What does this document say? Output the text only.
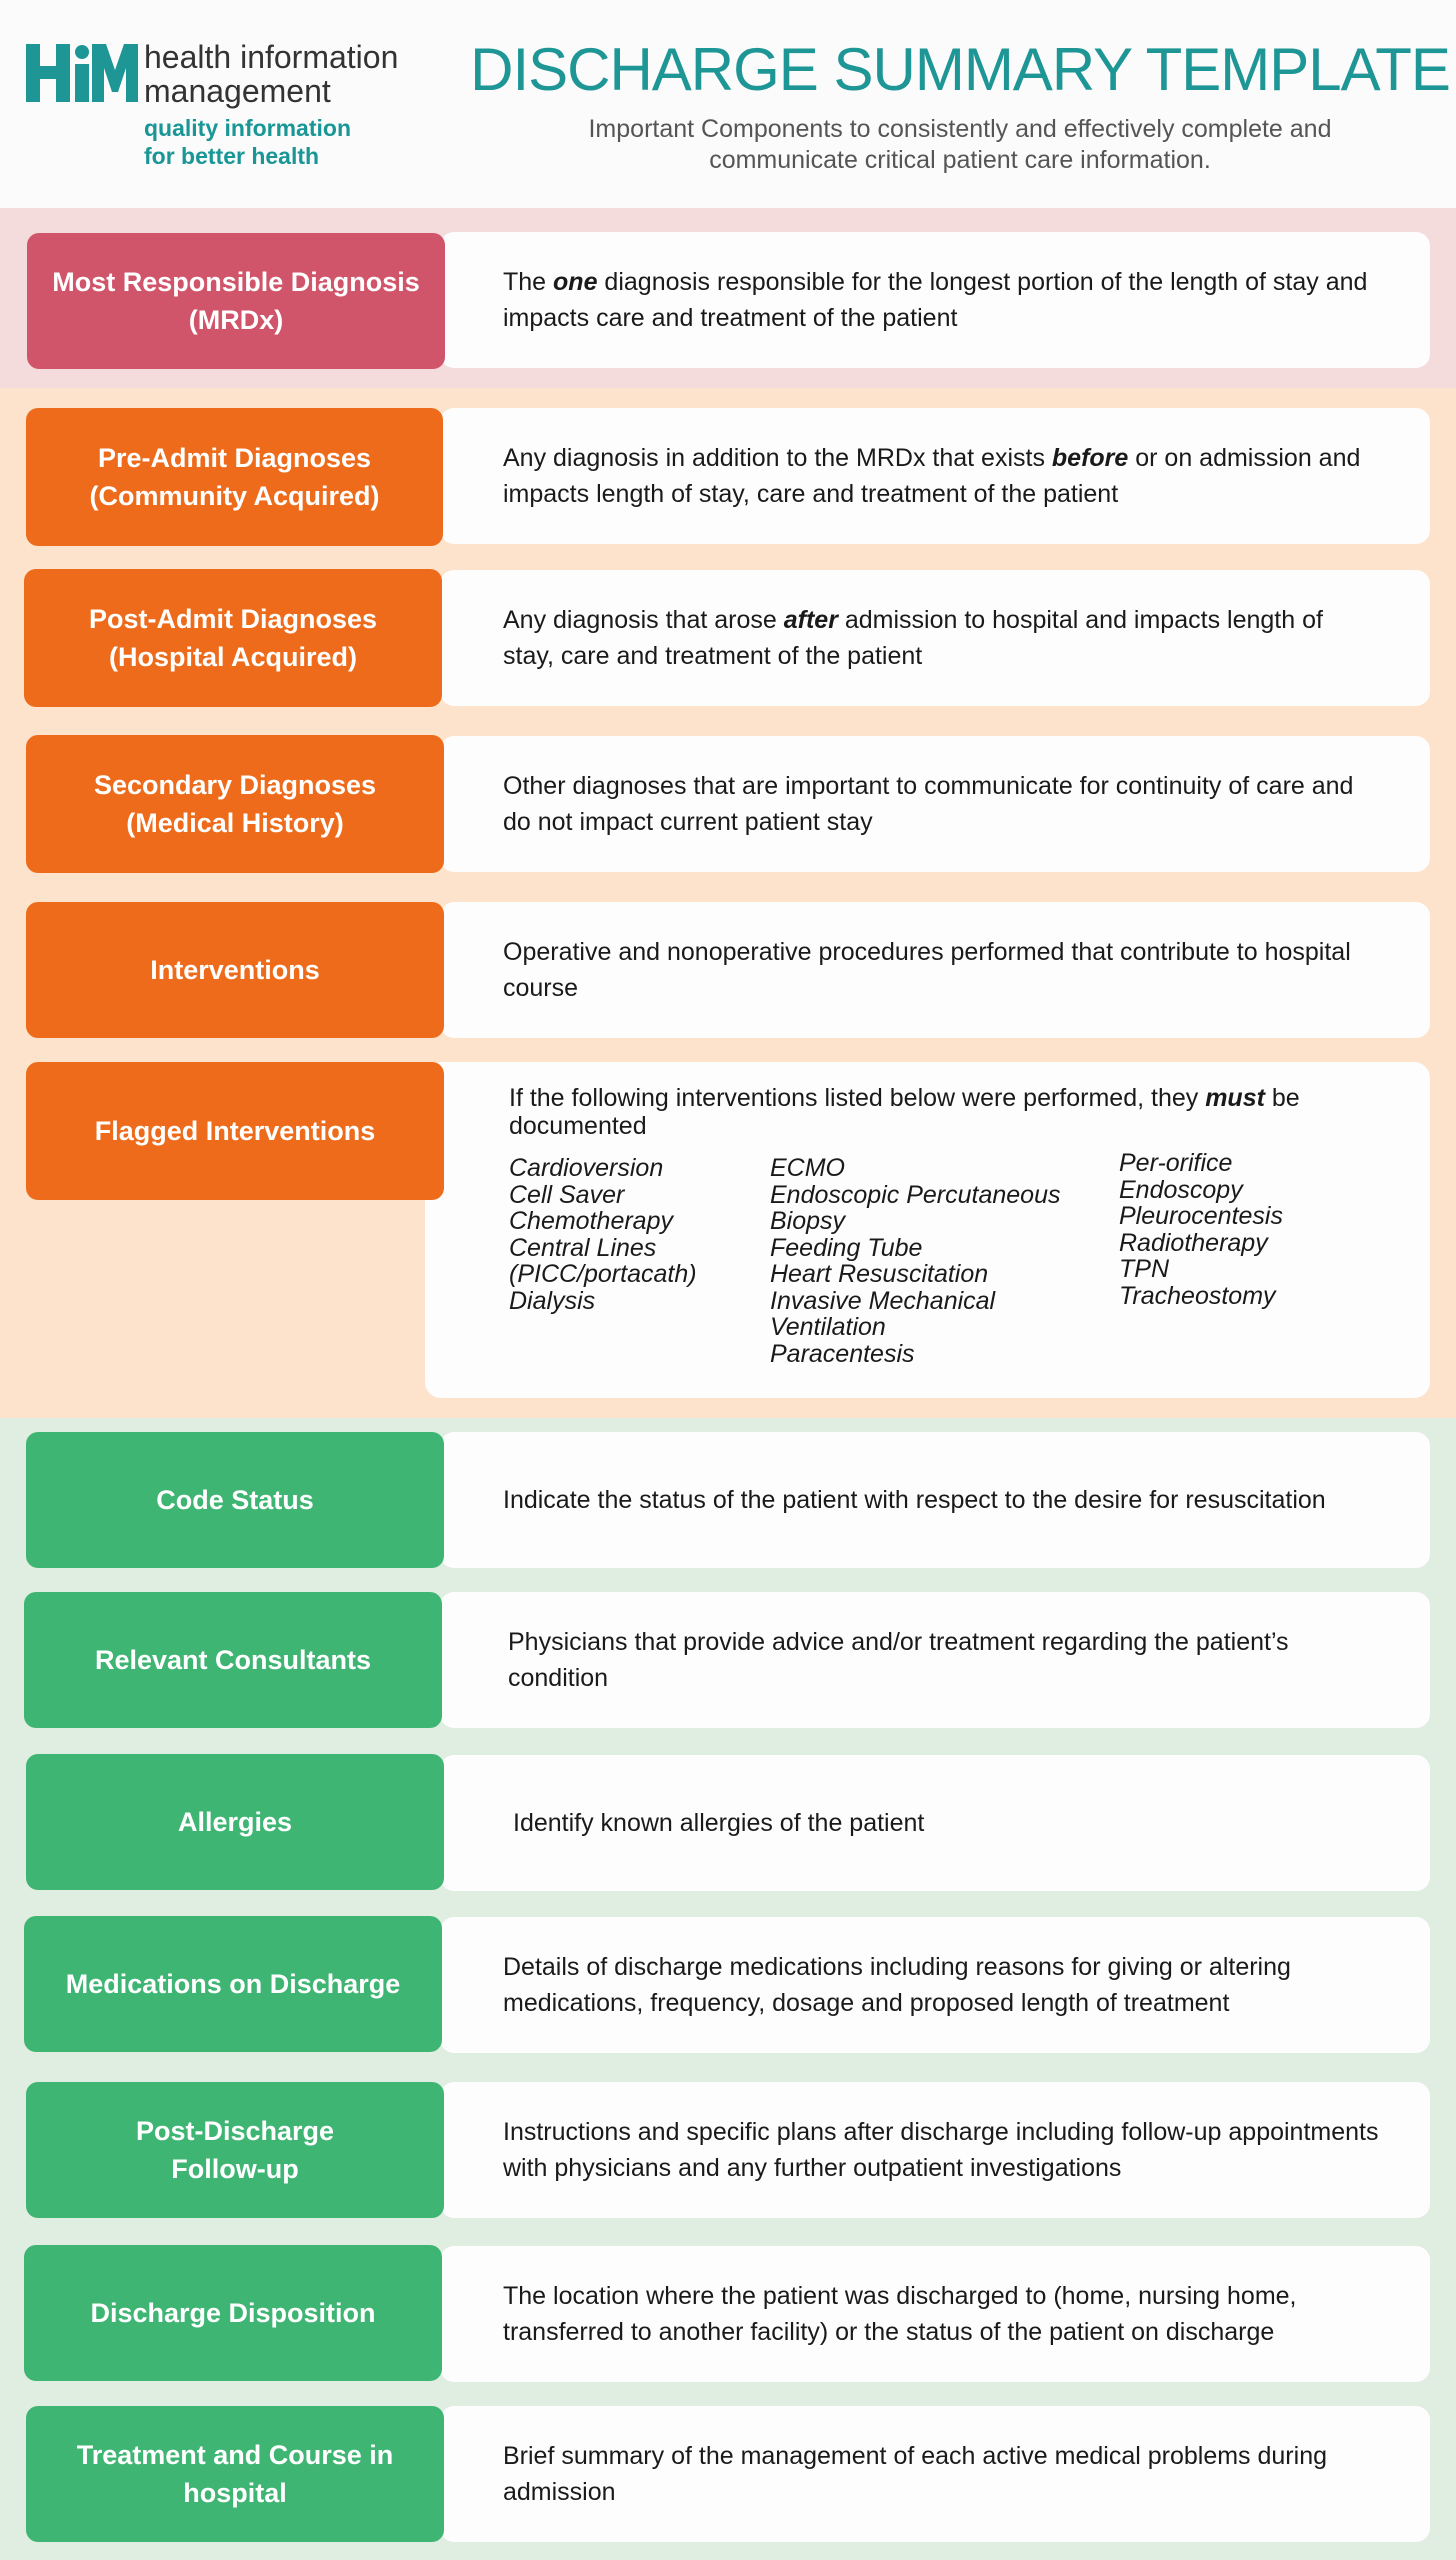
health information
management
quality information
for better health
DISCHARGE SUMMARY TEMPLATE
Important Components to consistently and effectively complete and communicate critical patient care information.
The one diagnosis responsible for the longest portion of the length of stay and impacts care and treatment of the patient
Most Responsible Diagnosis
(MRDx)
Any diagnosis in addition to the MRDx that exists before or on admission and impacts length of stay, care and treatment of the patient
Pre-Admit Diagnoses
(Community Acquired)
Any diagnosis that arose after admission to hospital and impacts length of stay, care and treatment of the patient
Post-Admit Diagnoses
(Hospital Acquired)
Other diagnoses that are important to communicate for continuity of care and do not impact current patient stay
Secondary Diagnoses
(Medical History)
Operative and nonoperative procedures performed that contribute to hospital course
Interventions
If the following interventions listed below were performed, they must be documented
Cardioversion
Cell Saver
Chemotherapy
Central Lines
(PICC/portacath)
Dialysis
ECMO
Endoscopic Percutaneous
Biopsy
Feeding Tube
Heart Resuscitation
Invasive Mechanical
Ventilation
Paracentesis
Per-orifice
Endoscopy
Pleurocentesis
Radiotherapy
TPN
Tracheostomy
Flagged Interventions
Indicate the status of the patient with respect to the desire for resuscitation
Code Status
Physicians that provide advice and/or treatment regarding the patient’s condition
Relevant Consultants
Identify known allergies of the patient
Allergies
Details of discharge medications including reasons for giving or altering medications, frequency, dosage and proposed length of treatment
Medications on Discharge
Instructions and specific plans after discharge including follow-up appointments with physicians and any further outpatient investigations
Post-Discharge
Follow-up
The location where the patient was discharged to (home, nursing home, transferred to another facility) or the status of the patient on discharge
Discharge Disposition
Brief summary of the management of each active medical problems during admission
Treatment and Course in
hospital
